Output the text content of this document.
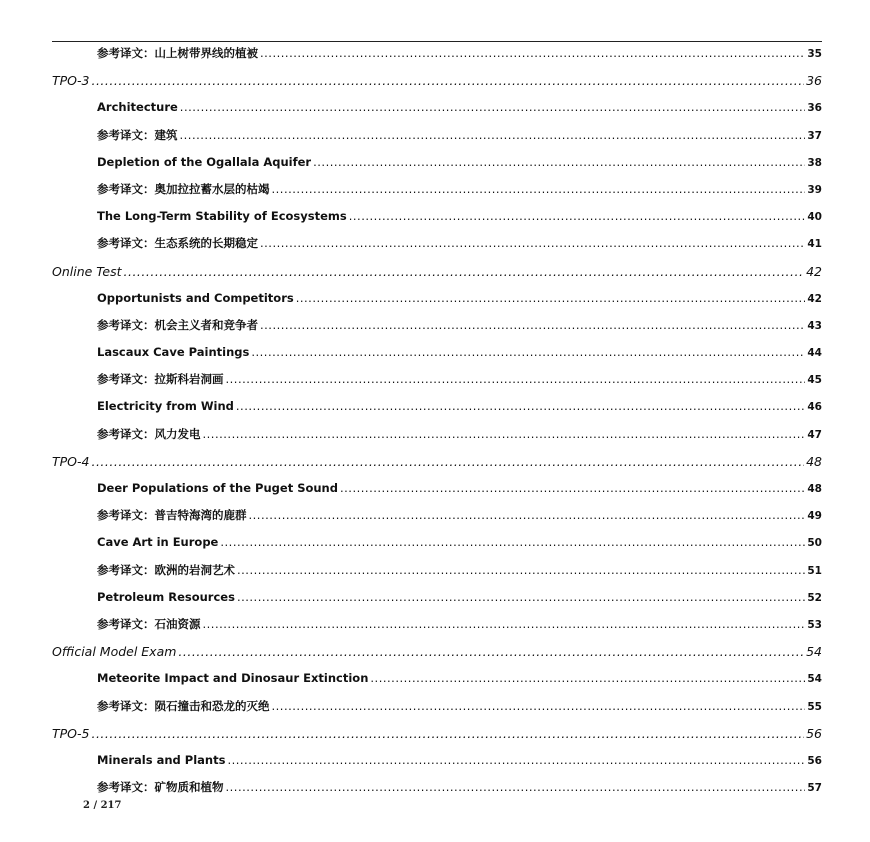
参考译文：山上树带界线的植被 .....	35
TPO-3 .....	36
Architecture .....	36
参考译文：建筑 .....	37
Depletion of the Ogallala Aquifer .....	38
参考译文：奥加拉拉蓄水层的枯竭 .....	39
The Long-Term Stability of Ecosystems .....	40
参考译文：生态系统的长期稳定 .....	41
Online Test .....	42
Opportunists and Competitors .....	42
参考译文：机会主义者和竞争者 .....	43
Lascaux Cave Paintings .....	44
参考译文：拉斯科岩洞画 .....	45
Electricity from Wind .....	46
参考译文：风力发电 .....	47
TPO-4 .....	48
Deer Populations of the Puget Sound .....	48
参考译文：普吉特海湾的鹿群 .....	49
Cave Art in Europe .....	50
参考译文：欧洲的岩洞艺术 .....	51
Petroleum Resources .....	52
参考译文：石油资源 .....	53
Official Model Exam .....	54
Meteorite Impact and Dinosaur Extinction .....	54
参考译文：陨石撞击和恐龙的灭绝 .....	55
TPO-5 .....	56
Minerals and Plants .....	56
参考译文：矿物质和植物 .....	57
2 / 217
